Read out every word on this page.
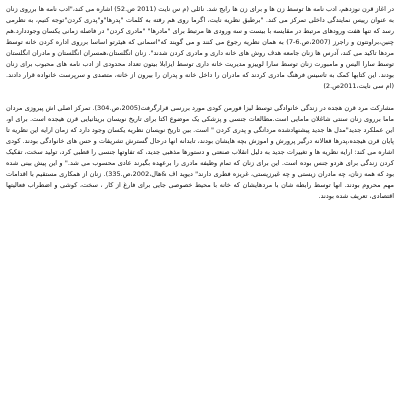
در اغاز قرن نوزدهم، ادب نامه ها توسط زن ها و برای زن ها رایج شد. نائلی (م س نایت (2011 ص.52) اشاره می کند،"ادب نامه ها برروی زنان به عنوان رییس نمایندگی داخلی تمرکز می کند. "برطبق نظریه نایت، اگرما روی هم رفته به کلمات "پدرها"و"پدری کردن"توجه کنیم، به نظرمی رسد که تنها هفت ورودهای مرتبط در مقایسه با بیست و سه ورودی ها مرتبط برای "مادرها" "مادری کردن" در فاصله زمانی یکسان وجوددارد.هم چنین،براونتون و راجرز (2007،ص.6-7) به همان نظریه رجوع می کنند و می گویند که"اسمانی که هیئرتو اساسا برروی اداره کردن خانه توسط مردها تاکید می کند، آدرس ها زنان جامعه هدف روش های خانه داری و مادری کردن شدند". زنان انگلستان،همسران انگلستان و مادران انگلستان توسط سارا الیس و مامبورت زنان توسط سارا لوییزو مدیریت خانه داری توسط ایزابلا بیتون تعداد محدودی از ادب نامه های محبوب برای زنان بودند. این کتابها کمک به تاسیس فرهنگ مادری کردند که مادران را داخل خانه و پدران را بیرون از خانه، متصدی و سرپرست خانواده قرار دادند.(ام سی نایت،2011ص.2)

مشارکت مرد قرن هجده در زندگی خانوادگی توسط لیزا فورمن کودی مورد بررسی قرارگرفت(2005،ص.304). تمرکز اصلی اش پیروزی مردان ماما برروی زنان سنتی شاغلان مامایی است.مطالعات جنسی و پزشکی یک موضوع اکتا برای تاریخ نویسان بریتانیایی قرن هیجده است. برای او، این عملکرد جدید"مدل ها جدید پیشنهادشده مردانگی و پدری کردن " است. بین تاریخ نویسان نظریه یکسان وجود دارد که زمان ارایه این نظریه تا پایان قرن هیجده،پدرها فعالانه درگیر پرورش و اموزش بچه هایشان بودند، تابدانه انها درحال گسترش تشریفات و حس های خانوادگی بودند. کودی اشاره می کند: ارایه نظریه ها و تغییرات جدید به دلیل انقلاب صنعتی و دستورها مذهبی جدید، که تفاوتها جنسی را قطبی کرد، تولید سخت، تفکیک کردن زندگی برای هردو جنس بوده است. این برای زنان که تمام وظیفه مادری را برعهده بگیرند عادی محسوب می شد." و این پیش بینی شده بود که همه زنان، چه مادران زیستی و چه غیرزیستی، غریزه فطری دارند" دیوید اف &هال،2002،ص.335). زنان از همکاری مستقیم با اقدامات مهم محروم بودند. انها توسط رابطه شان با مردهایشان که خانه با محیط خصوصی جایی برای فارغ از کار ، سخت، کوشی و اضطراب فعالیتها اقتصادی، تعریف شده بودند.
